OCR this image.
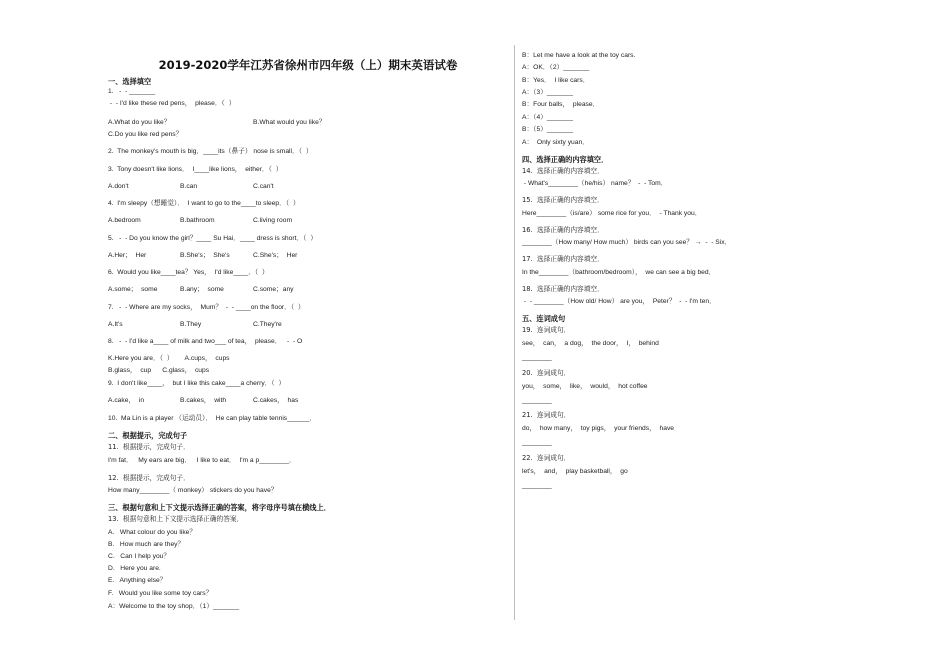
2019-2020学年江苏省徐州市四年级（上）期末英语试卷
一、选择填空
1.   -  - _______
-  - I'd like these red pens，  please．（  ）
A.What do you like？	B.What would you like？
C.Do you like red pens？
2.  The monkey's mouth is big．____its（鼻子） nose is small．（  ）
3.  Tony doesn't like lions．  I____like lions，  either．（  ）
A.don't	B.can	C.can't
4.  I'm sleepy（想睡觉）．  I want to go to the____to sleep．（  ）
A.bedroom	B.bathroom	C.living room
5.   -  - Do you know the girl？____ Su Hai．____ dress is short．（  ）
A.Her；  Her	B.She's；  She's	C.She's；  Her
6.  Would you like____tea？ Yes，  I'd like____．（  ）
A.some；  some	B.any；  some	C.some；any
7.   -  - Where are my socks，  Mum？  -  - ____on the floor．（  ）
A.It's	B.They	C.They're
8.   -  - I'd like a____ of milk and two___ of tea，  please．   -  - O
K.Here you are．（  ）      A.cups，  cups
B.glass，  cup      C.glass，  cups
9.  I don't like____，  but I like this cake____a cherry．（  ）
A.cake，  in	B.cakes，  with	C.cakes，  has
10.  Ma Lin is a player （运动员）．  He can play table tennis______．
二、根据提示，完成句子
11.  根据提示，完成句子．
I'm fat．   My ears are big．   I like to eat．  I'm a p________．
12.  根据提示，完成句子．
How many________（ monkey） stickers do you have？
三、根据句意和上下文提示选择正确的答案，将字母序号填在横线上．
13.  根据句意和上下文提示选择正确的答案．
A.   What colour do you like？
B.   How much are they？
C.   Can I help you？
D.   Here you are.
E.   Anything else？
F.   Would you like some toy cars？
A：Welcome to the toy shop．（1）_______
B：Let me have a look at the toy cars.
A：OK．（2）_______
B：Yes．  I like cars．
A：（3）_______
B：Four balls，  please．
A：（4）_______
B：（5）_______
A：  Only sixty yuan．
四、选择正确的内容填空．
14.  选择正确的内容填空．
- What's________（he/his） name？  -  - Tom．
15.  选择正确的内容填空．
Here________（is/are） some rice for you．  - Thank you．
16.  选择正确的内容填空．
________（How many/ How much） birds can you see？ →  -  - Six．
17.  选择正确的内容填空．
In the________（bathroom/bedroom），  we can see a big bed．
18.  选择正确的内容填空．
-  - ________（How old/ How） are you，  Peter？  -  - I'm ten．
五、连词成句
19.  连词成句．
see，  can，  a dog，  the door，  I，  behind
________
20.  连词成句．
you，  some，  like，  would，  hot coffee
________
21.  连词成句．
do，  how many，  toy pigs，  your friends，  have
________
22.  连词成句．
let's，  and，  play basketball，  go
________
